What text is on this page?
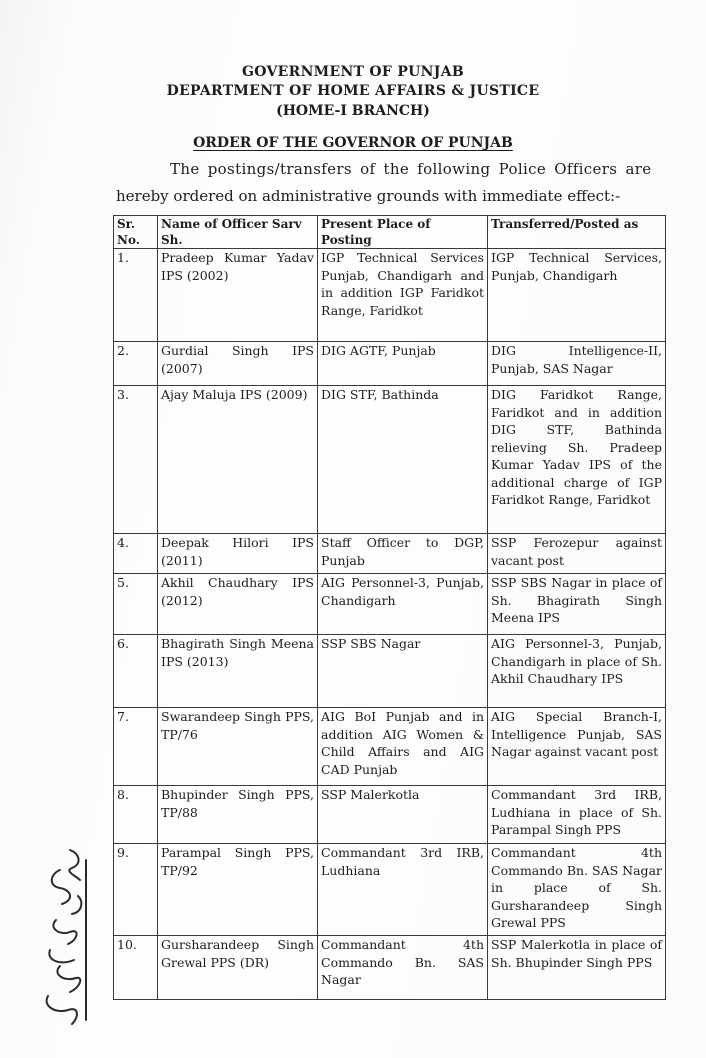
GOVERNMENT OF PUNJAB
DEPARTMENT OF HOME AFFAIRS & JUSTICE
(HOME-I BRANCH)
ORDER OF THE GOVERNOR OF PUNJAB
The postings/transfers of the following Police Officers are
hereby ordered on administrative grounds with immediate effect:-
Sr. No.	Name of Officer Sarv Sh.	Present Place of Posting	Transferred/Posted as
1.	Pradeep Kumar Yadav IPS (2002)	IGP Technical Services Punjab, Chandigarh and in addition IGP Faridkot Range, Faridkot	IGP Technical Services, Punjab, Chandigarh
2.	Gurdial Singh IPS (2007)	DIG AGTF, Punjab	DIG Intelligence-II, Punjab, SAS Nagar
3.	Ajay Maluja IPS (2009)	DIG STF, Bathinda	DIG Faridkot Range, Faridkot and in addition DIG STF, Bathinda relieving Sh. Pradeep Kumar Yadav IPS of the additional charge of IGP Faridkot Range, Faridkot
4.	Deepak Hilori IPS (2011)	Staff Officer to DGP, Punjab	SSP Ferozepur against vacant post
5.	Akhil Chaudhary IPS (2012)	AIG Personnel-3, Punjab, Chandigarh	SSP SBS Nagar in place of Sh. Bhagirath Singh Meena IPS
6.	Bhagirath Singh Meena IPS (2013)	SSP SBS Nagar	AIG Personnel-3, Punjab, Chandigarh in place of Sh. Akhil Chaudhary IPS
7.	Swarandeep Singh PPS, TP/76	AIG BoI Punjab and in addition AIG Women & Child Affairs and AIG CAD Punjab	AIG Special Branch-I, Intelligence Punjab, SAS Nagar against vacant post
8.	Bhupinder Singh PPS, TP/88	SSP Malerkotla	Commandant 3rd IRB, Ludhiana in place of Sh. Parampal Singh PPS
9.	Parampal Singh PPS, TP/92	Commandant 3rd IRB, Ludhiana	Commandant 4th Commando Bn. SAS Nagar in place of Sh. Gursharandeep Singh Grewal PPS
10.	Gursharandeep Singh Grewal PPS (DR)	Commandant 4th Commando Bn. SAS Nagar	SSP Malerkotla in place of Sh. Bhupinder Singh PPS
